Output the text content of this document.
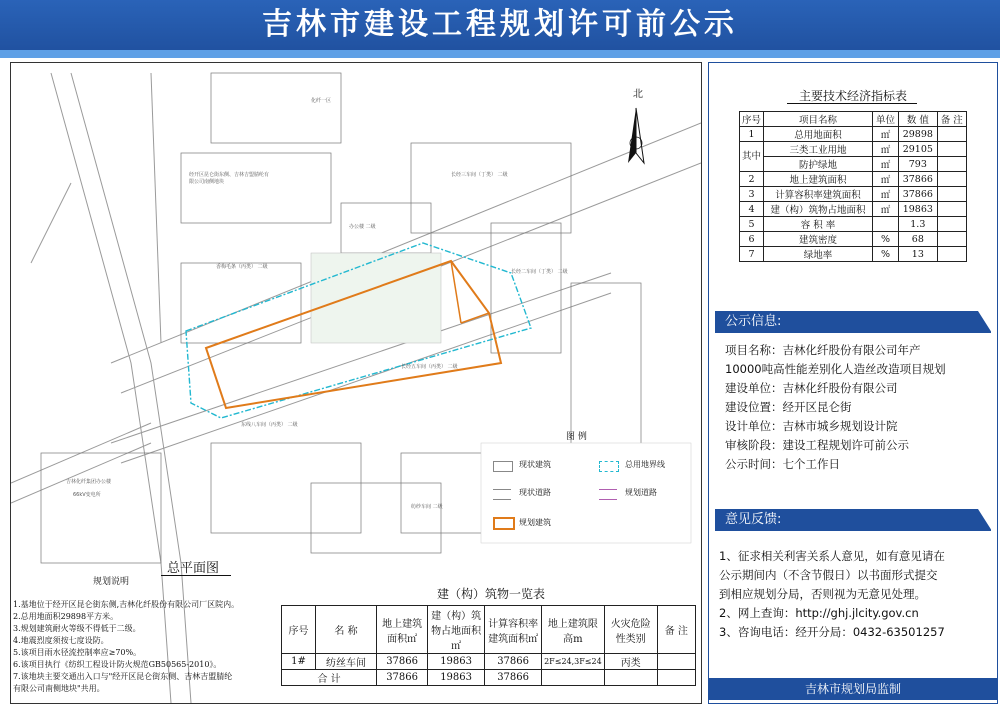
吉林市建设工程规划许可前公示
北
化纤一区
经开区昆仑街东侧、吉林吉盟腈纶有限公司南侧地块
长经三车间（丁类） 二级
办公楼 二级
香梅毛条（丙类） 二级
长经二车间（丁类） 二级
长经五车间（丙类） 二级
东线八车间（丙类） 二级
吉林化纤集团办公楼
66kV变电所
纺纱车间 二级
图 例
现状建筑	总用地界线
现状道路	规划道路
规划建筑
总平面图
规划说明
1.基地位于经开区昆仑街东侧,吉林化纤股份有限公司厂区院内。
2.总用地面积29898平方米。
3.规划建筑耐火等级不得低于二级。
4.地震烈度须按七度设防。
5.该项目雨水径流控制率应≥70%。
6.该项目执行《纺织工程设计防火规范GB50565-2010》。
7.该地块主要交通出入口与"经开区昆仑街东侧、吉林吉盟腈纶
有限公司南侧地块"共用。
建（构）筑物一览表
序号	名 称	地上建筑面积㎡	建（构）筑物占地面积㎡	计算容积率建筑面积㎡	地上建筑限高m	火灾危险性类别	备 注
1#	纺丝车间	37866	19863	37866	2F≤24,3F≤24	丙类	
合 计		37866	19863	37866			
主要技术经济指标表
序号	项目名称	单位	数 值	备 注
1	总用地面积	㎡	29898	
其中	三类工业用地	㎡	29105	
	防护绿地	㎡	793	
2	地上建筑面积	㎡	37866	
3	计算容积率建筑面积	㎡	37866	
4	建（构）筑物占地面积	㎡	19863	
5	容 积 率		1.3	
6	建筑密度	%	68	
7	绿地率	%	13	
公示信息:
项目名称：吉林化纤股份有限公司年产
10000吨高性能差别化人造丝改造项目规划
建设单位：吉林化纤股份有限公司
建设位置：经开区昆仑街
设计单位：吉林市城乡规划设计院
审核阶段：建设工程规划许可前公示
公示时间：七个工作日
意见反馈:
1、征求相关利害关系人意见，如有意见请在
公示期间内（不含节假日）以书面形式提交
到相应规划分局，否则视为无意见处理。
2、网上查询：http://ghj.jlcity.gov.cn
3、咨询电话：经开分局：0432-63501257
吉林市规划局监制
